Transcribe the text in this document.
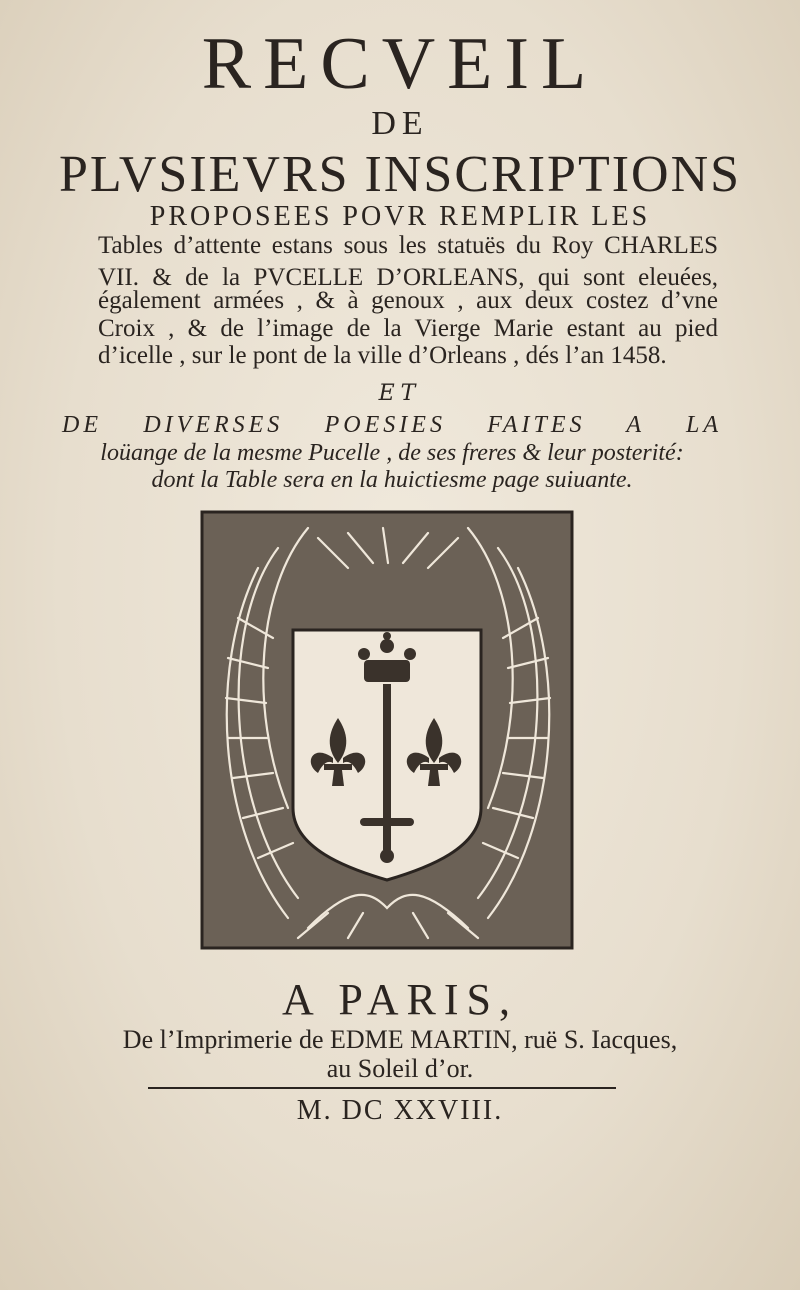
RECVEIL
DE
PLVSIEVRS INSCRIPTIONS
PROPOSEES POVR REMPLIR LES
Tables d’attente estans sous les statuës du Roy CHARLES
VII. & de la PVCELLE D’ORLEANS, qui sont eleuées,
également armées , & à genoux , aux deux costez d’vne
Croix , & de l’image de la Vierge Marie estant au pied
d’icelle , sur le pont de la ville d’Orleans , dés l’an 1458.
ET
DE DIVERSES POESIES FAITES A LA
loüange de la mesme Pucelle , de ses freres & leur posterité:
dont la Table sera en la huictiesme page suiuante.
A PARIS,
De l’Imprimerie de EDME MARTIN, ruë S. Iacques,
au Soleil d’or.
M. DC XXVIII.
